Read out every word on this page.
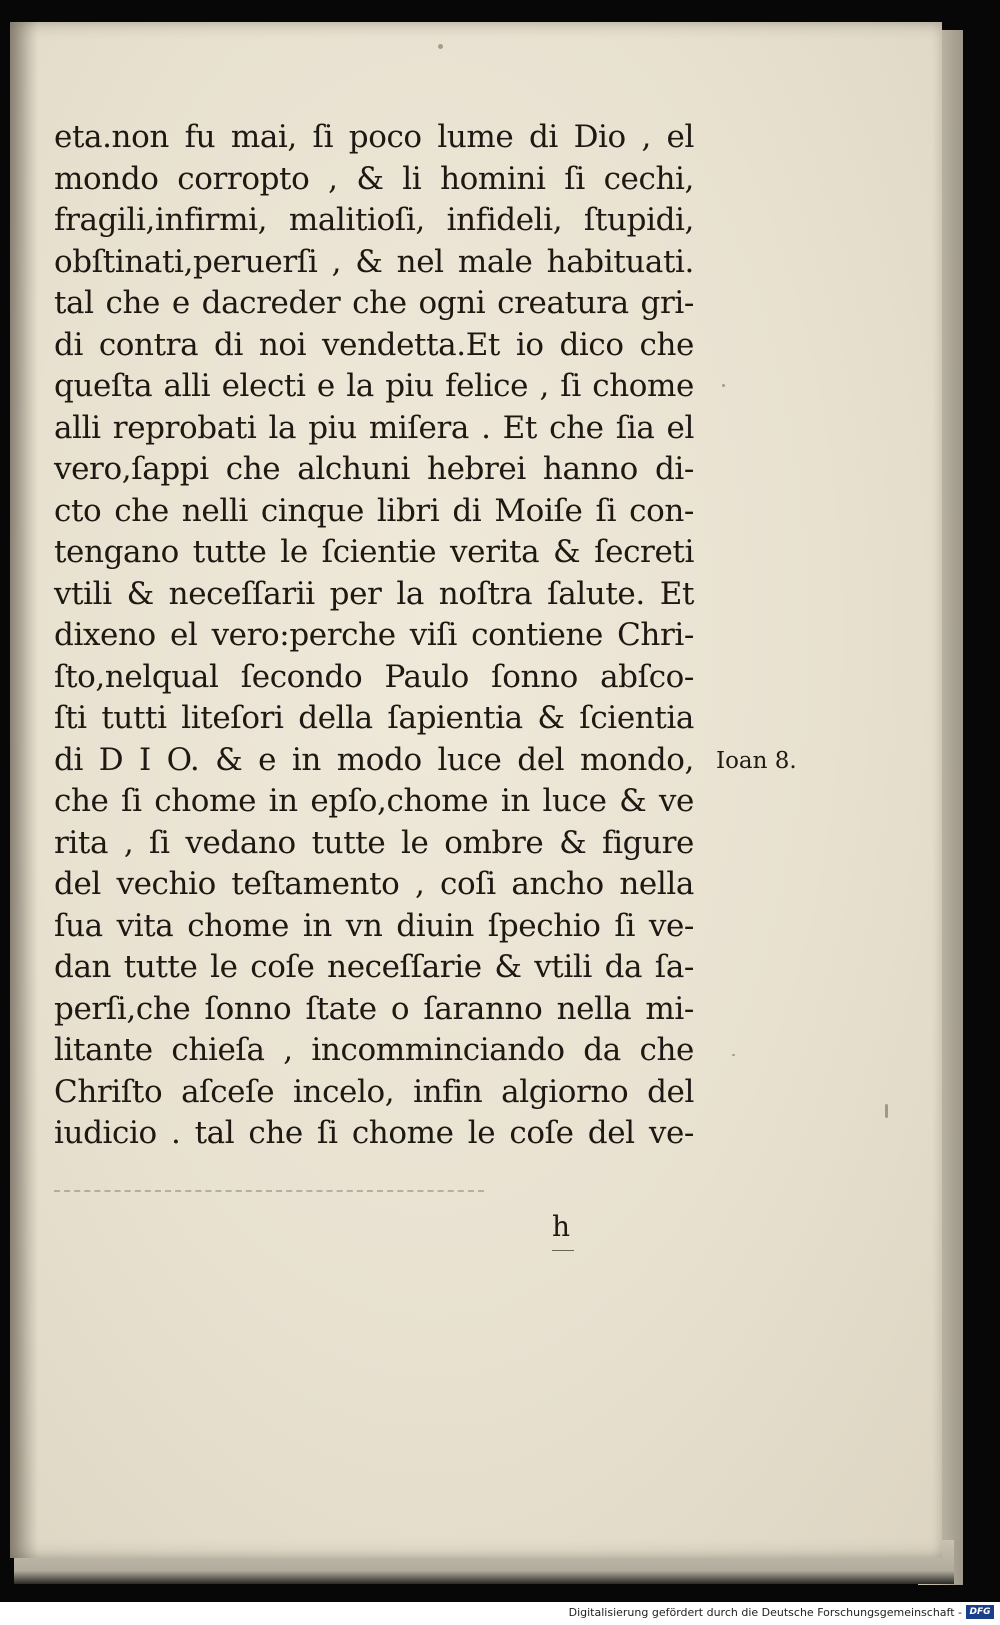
eta.non fu mai, ſi poco lume di Dio , el
mondo corropto , & li homini ſi cechi,
fragili,infirmi, malitioſi, infideli, ſtupidi,
obſtinati,peruerſi , & nel male habituati.
tal che e dacreder che ogni creatura gri-
di contra di noi vendetta.Et io dico che
queſta alli electi e la piu felice , ſi chome
alli reprobati la piu miſera . Et che ſia el
vero,ſappi che alchuni hebrei hanno di-
cto che nelli cinque libri di Moiſe ſi con-
tengano tutte le ſcientie verita & ſecreti
vtili & neceſſarii per la noſtra ſalute. Et
dixeno el vero:perche viſi contiene Chri-
ſto,nelqual ſecondo Paulo ſonno abſco-
ſti tutti liteſori della ſapientia & ſcientia
di D I O. & e in modo luce del mondo,
che ſi chome in epſo,chome in luce & ve
rita , ſi vedano tutte le ombre & figure
del vechio teſtamento , coſi ancho nella
ſua vita chome in vn diuin ſpechio ſi ve-
dan tutte le coſe neceſſarie & vtili da ſa-
perſi,che ſonno ſtate o ſaranno nella mi-
litante chieſa , incomminciando da che
Chriſto aſceſe incelo, infin algiorno del
iudicio . tal che ſi chome le coſe del ve-
Ioan 8.
h
Digitalisierung gefördert durch die Deutsche Forschungsgemeinschaft - DFG
